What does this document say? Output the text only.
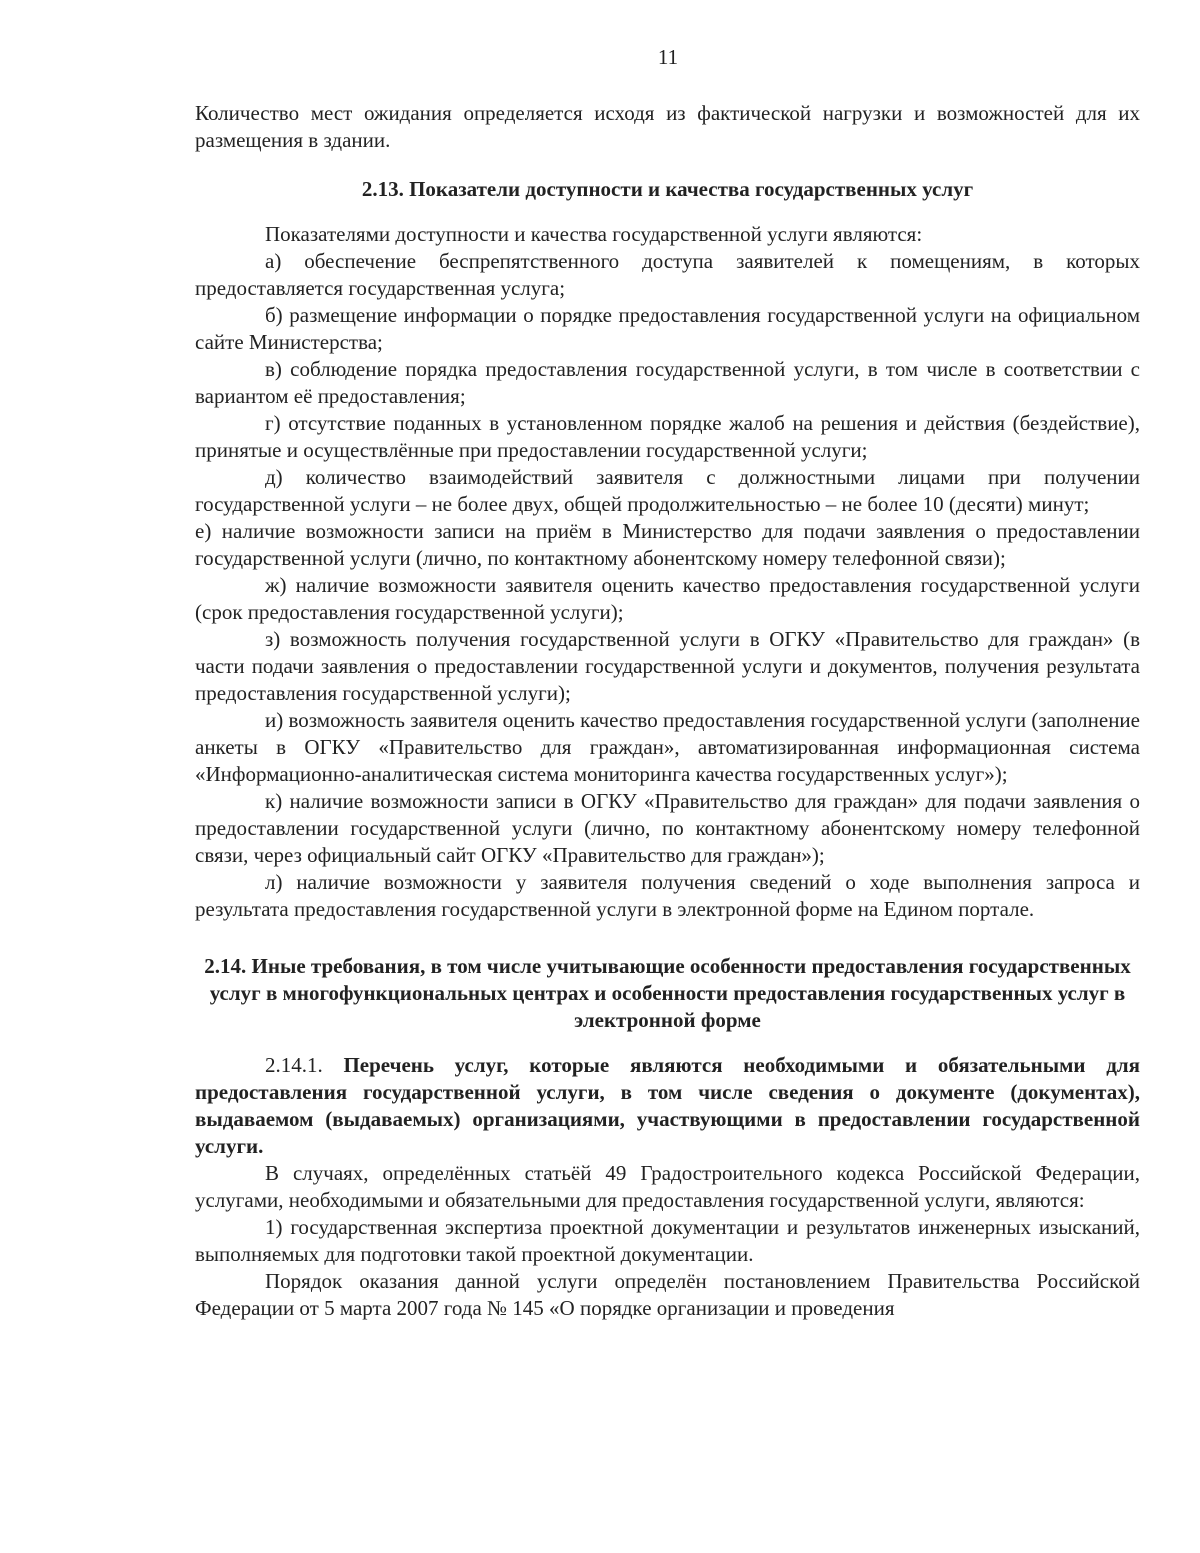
11

Количество мест ожидания определяется исходя из фактической нагрузки и возможностей для их размещения в здании.

2.13. Показатели доступности и качества государственных услуг

Показателями доступности и качества государственной услуги являются:

а) обеспечение беспрепятственного доступа заявителей к помещениям, в которых предоставляется государственная услуга;

б) размещение информации о порядке предоставления государственной услуги на официальном сайте Министерства;

в) соблюдение порядка предоставления государственной услуги, в том числе в соответствии с вариантом её предоставления;

г) отсутствие поданных в установленном порядке жалоб на решения и действия (бездействие), принятые и осуществлённые при предоставлении государственной услуги;

д) количество взаимодействий заявителя с должностными лицами при получении государственной услуги – не более двух, общей продолжительностью – не более 10 (десяти) минут;

е) наличие возможности записи на приём в Министерство для подачи заявления о предоставлении государственной услуги (лично, по контактному абонентскому номеру телефонной связи);

ж) наличие возможности заявителя оценить качество предоставления государственной услуги (срок предоставления государственной услуги);

з) возможность получения государственной услуги в ОГКУ «Правительство для граждан» (в части подачи заявления о предоставлении государственной услуги и документов, получения результата предоставления государственной услуги);

и) возможность заявителя оценить качество предоставления государственной услуги (заполнение анкеты в ОГКУ «Правительство для граждан», автоматизированная информационная система «Информационно-аналитическая система мониторинга качества государственных услуг»);

к) наличие возможности записи в ОГКУ «Правительство для граждан» для подачи заявления о предоставлении государственной услуги (лично, по контактному абонентскому номеру телефонной связи, через официальный сайт ОГКУ «Правительство для граждан»);

л) наличие возможности у заявителя получения сведений о ходе выполнения запроса и результата предоставления государственной услуги в электронной форме на Едином портале.

2.14. Иные требования, в том числе учитывающие особенности предоставления государственных услуг в многофункциональных центрах и особенности предоставления государственных услуг в электронной форме

2.14.1. Перечень услуг, которые являются необходимыми и обязательными для предоставления государственной услуги, в том числе сведения о документе (документах), выдаваемом (выдаваемых) организациями, участвующими в предоставлении государственной услуги.

В случаях, определённых статьёй 49 Градостроительного кодекса Российской Федерации, услугами, необходимыми и обязательными для предоставления государственной услуги, являются:

1) государственная экспертиза проектной документации и результатов инженерных изысканий, выполняемых для подготовки такой проектной документации.

Порядок оказания данной услуги определён постановлением Правительства Российской Федерации от 5 марта 2007 года № 145 «О порядке организации и проведения
